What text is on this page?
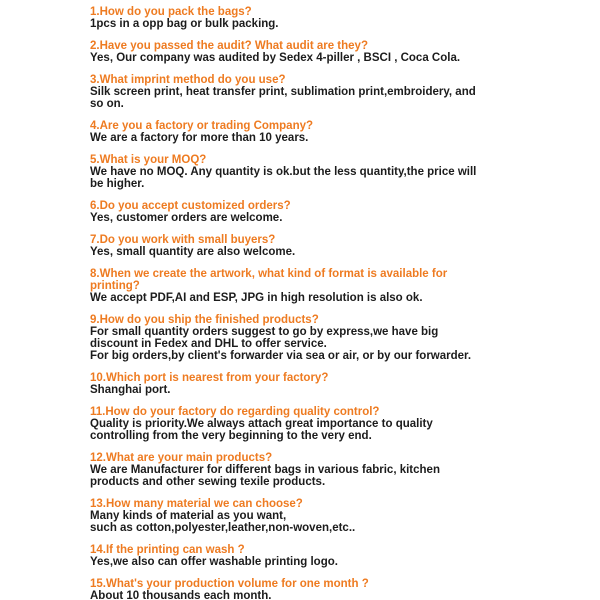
1.How do you pack the bags?
1pcs in a opp bag or bulk packing.
2.Have you passed the audit? What audit are they?
Yes, Our company was audited by Sedex 4-piller , BSCI , Coca Cola.
3.What imprint method do you use?
Silk screen print, heat transfer print, sublimation print,embroidery, and
so on.
4.Are you a factory or trading Company?
We are a factory for more than 10 years.
5.What is your MOQ?
We have no MOQ. Any quantity is ok.but the less quantity,the price will
be higher.
6.Do you accept customized orders?
Yes, customer orders are welcome.
7.Do you work with small buyers?
Yes, small quantity are also welcome.
8.When we create the artwork, what kind of format is available for
printing?
We accept PDF,AI and ESP, JPG in high resolution is also ok.
9.How do you ship the finished products?
For small quantity orders suggest to go by express,we have big
discount in Fedex and DHL to offer service.
For big orders,by client's forwarder via sea or air, or by our forwarder.
10.Which port is nearest from your factory?
Shanghai port.
11.How do your factory do regarding quality control?
Quality is priority.We always attach great importance to quality
controlling from the very beginning to the very end.
12.What are your main products?
We are Manufacturer for different bags in various fabric, kitchen
products and other sewing texile products.
13.How many material we can choose?
Many kinds of material as you want,
such as cotton,polyester,leather,non-woven,etc..
14.If the printing can wash ?
Yes,we also can offer washable printing logo.
15.What's your production volume for one month ?
About 10 thousands each month.
